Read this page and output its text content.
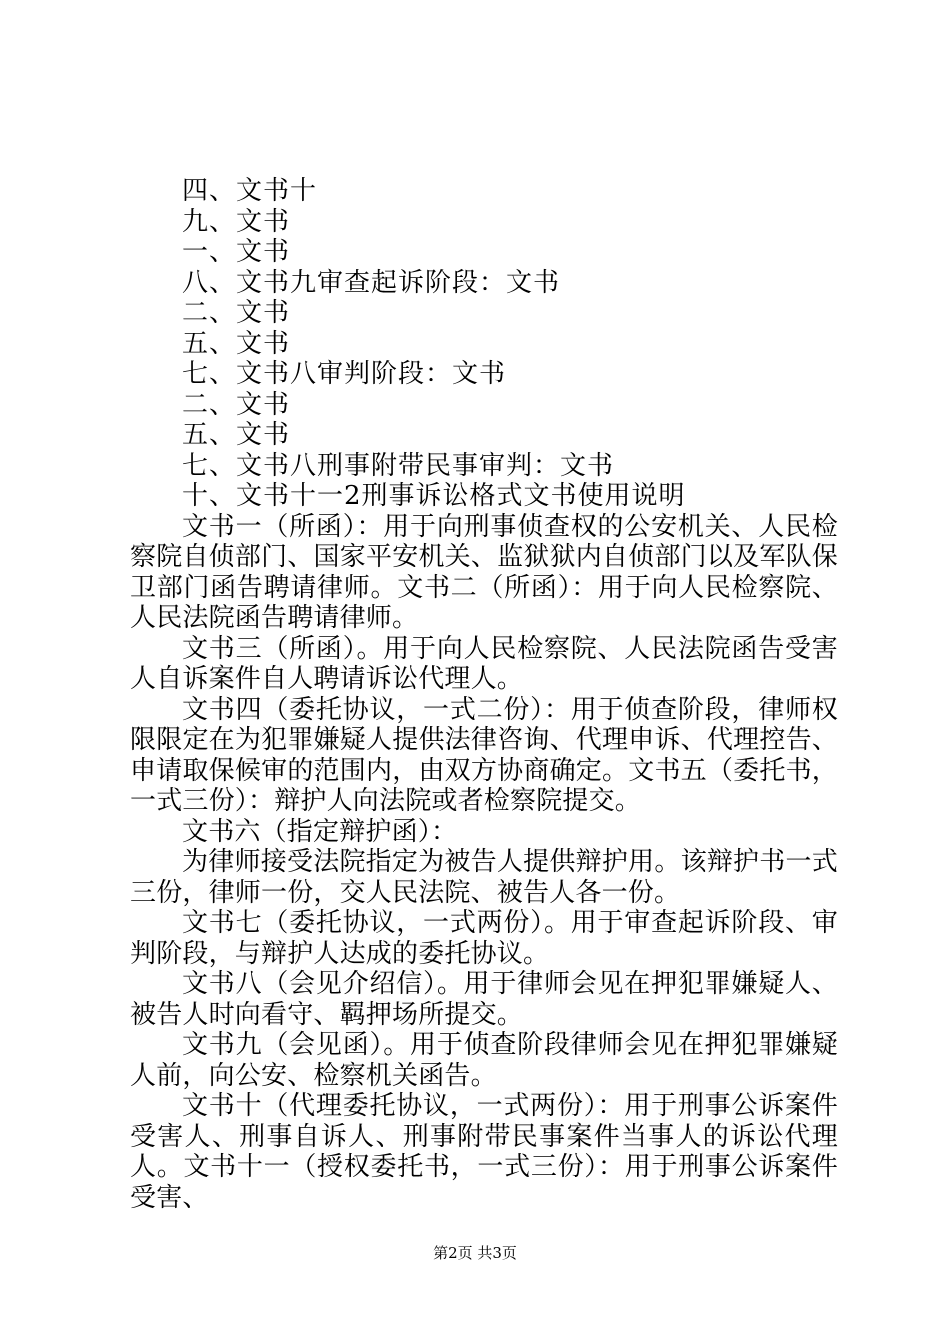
四、文书十
九、文书
一、文书
八、文书九审查起诉阶段：文书
二、文书
五、文书
七、文书八审判阶段：文书
二、文书
五、文书
七、文书八刑事附带民事审判：文书
十、文书十一2刑事诉讼格式文书使用说明

文书一（所函）：用于向刑事侦查权的公安机关、人民检察院自侦部门、国家平安机关、监狱狱内自侦部门以及军队保卫部门函告聘请律师。文书二（所函）：用于向人民检察院、人民法院函告聘请律师。

文书三（所函）。用于向人民检察院、人民法院函告受害人自诉案件自人聘请诉讼代理人。

文书四（委托协议，一式二份）：用于侦查阶段，律师权限限定在为犯罪嫌疑人提供法律咨询、代理申诉、代理控告、申请取保候审的范围内，由双方协商确定。文书五（委托书，一式三份）：辩护人向法院或者检察院提交。

文书六（指定辩护函）：

为律师接受法院指定为被告人提供辩护用。该辩护书一式三份，律师一份，交人民法院、被告人各一份。

文书七（委托协议，一式两份）。用于审查起诉阶段、审判阶段，与辩护人达成的委托协议。

文书八（会见介绍信）。用于律师会见在押犯罪嫌疑人、被告人时向看守、羁押场所提交。

文书九（会见函）。用于侦查阶段律师会见在押犯罪嫌疑人前，向公安、检察机关函告。

文书十（代理委托协议，一式两份）：用于刑事公诉案件受害人、刑事自诉人、刑事附带民事案件当事人的诉讼代理人。文书十一（授权委托书，一式三份）：用于刑事公诉案件受害、

第2页 共3页
